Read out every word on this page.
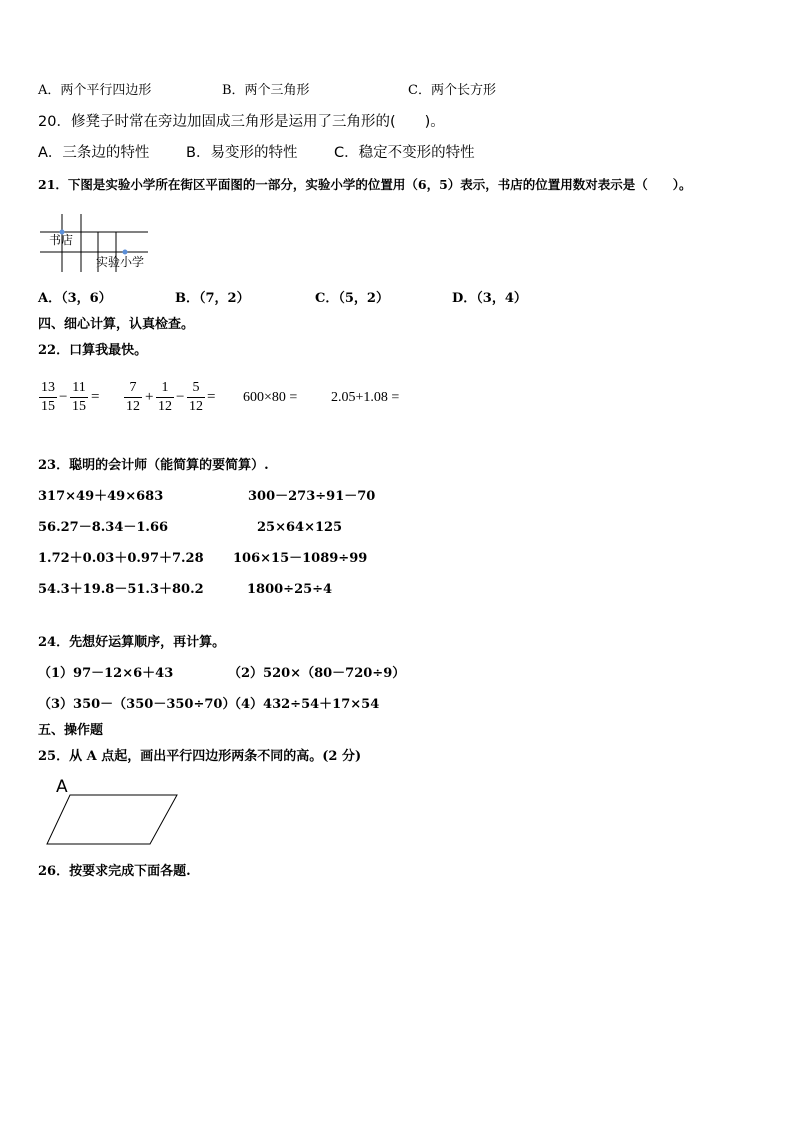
A．两个平行四边形	B．两个三角形	C．两个长方形
20．修凳子时常在旁边加固成三角形是运用了三角形的(　　)。
A．三条边的特性	B．易变形的特性	C．稳定不变形的特性
21．下图是实验小学所在街区平面图的一部分，实验小学的位置用（6，5）表示，书店的位置用数对表示是（　　）。
书店
实验小学
A．（3，6）	B．（7，2）	C．（5，2）	D．（3，4）
四、细心计算，认真检查。
22．口算我最快。
13
15
−
11
15
=
7
12
+
1
12
−
5
12
= 600×80 = 2.05+1.08 =
23．聪明的会计师（能简算的要简算）.
317×49＋49×683	300－273÷91－70
56.27－8.34－1.66	25×64×125
1.72＋0.03＋0.97＋7.28 106×15－1089÷99
54.3＋19.8－51.3＋80.2	1800÷25÷4
24．先想好运算顺序，再计算。
（1）97－12×6＋43	（2）520×（80－720÷9）
（3）350－（350－350÷70）
（4）432÷54＋17×54
五、操作题
25．从 A 点起，画出平行四边形两条不同的高。(2 分)
A
26．按要求完成下面各题.
